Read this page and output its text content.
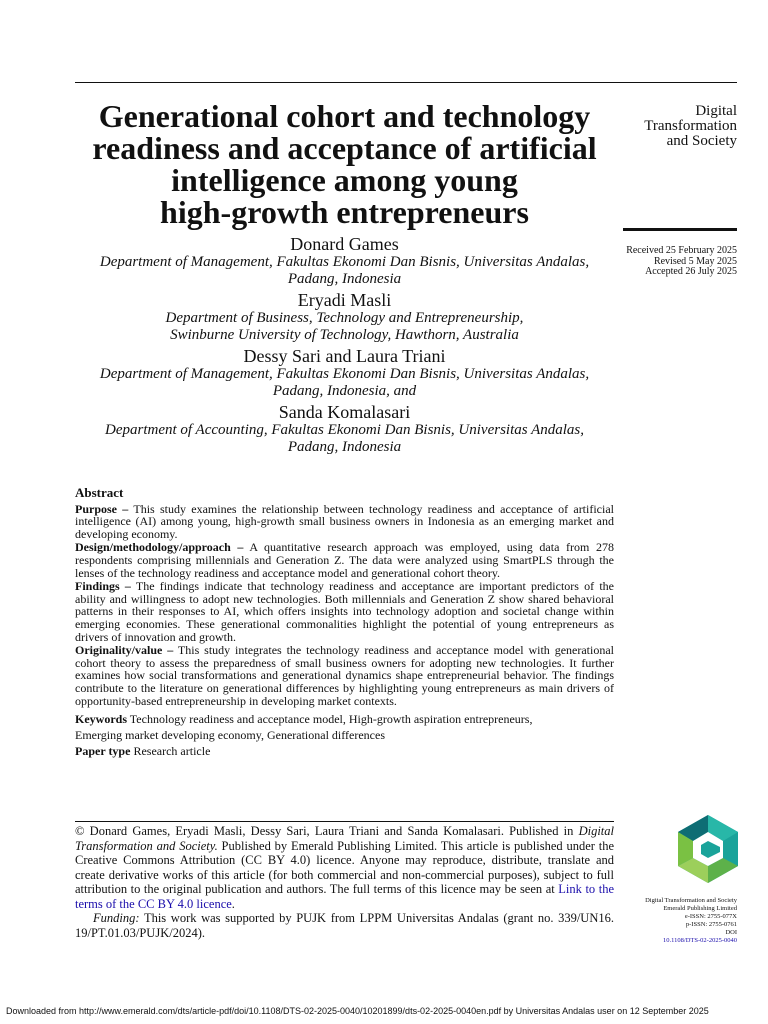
Digital
Transformation
and Society
Received 25 February 2025
Revised 5 May 2025
Accepted 26 July 2025
Generational cohort and technology
readiness and acceptance of artificial
intelligence among young
high-growth entrepreneurs
Donard Games
Department of Management, Fakultas Ekonomi Dan Bisnis, Universitas Andalas,
Padang, Indonesia
Eryadi Masli
Department of Business, Technology and Entrepreneurship,
Swinburne University of Technology, Hawthorn, Australia
Dessy Sari and Laura Triani
Department of Management, Fakultas Ekonomi Dan Bisnis, Universitas Andalas,
Padang, Indonesia, and
Sanda Komalasari
Department of Accounting, Fakultas Ekonomi Dan Bisnis, Universitas Andalas,
Padang, Indonesia
Abstract

Purpose – This study examines the relationship between technology readiness and acceptance of artificial intelligence (AI) among young, high-growth small business owners in Indonesia as an emerging market and developing economy.

Design/methodology/approach – A quantitative research approach was employed, using data from 278 respondents comprising millennials and Generation Z. The data were analyzed using SmartPLS through the lenses of the technology readiness and acceptance model and generational cohort theory.

Findings – The findings indicate that technology readiness and acceptance are important predictors of the ability and willingness to adopt new technologies. Both millennials and Generation Z show shared behavioral patterns in their responses to AI, which offers insights into technology adoption and societal change within emerging economies. These generational commonalities highlight the potential of young entrepreneurs as drivers of innovation and growth.

Originality/value – This study integrates the technology readiness and acceptance model with generational cohort theory to assess the preparedness of small business owners for adopting new technologies. It further examines how social transformations and generational dynamics shape entrepreneurial behavior. The findings contribute to the literature on generational differences by highlighting young entrepreneurs as main drivers of opportunity-based entrepreneurship in developing market contexts.

Keywords Technology readiness and acceptance model, High-growth aspiration entrepreneurs,
Emerging market developing economy, Generational differences
Paper type Research article

© Donard Games, Eryadi Masli, Dessy Sari, Laura Triani and Sanda Komalasari. Published in Digital Transformation and Society. Published by Emerald Publishing Limited. This article is published under the Creative Commons Attribution (CC BY 4.0) licence. Anyone may reproduce, distribute, translate and create derivative works of this article (for both commercial and non-commercial purposes), subject to full attribution to the original publication and authors. The full terms of this licence may be seen at Link to the terms of the CC BY 4.0 licence.

Funding: This work was supported by PUJK from LPPM Universitas Andalas (grant no. 339/UN16. 19/PT.01.03/PUJK/2024).

Digital Transformation and Society
Emerald Publishing Limited
e-ISSN: 2755-077X
p-ISSN: 2755-0761
DOI
10.1108/DTS-02-2025-0040
Downloaded from http://www.emerald.com/dts/article-pdf/doi/10.1108/DTS-02-2025-0040/10201899/dts-02-2025-0040en.pdf by Universitas Andalas user on 12 September 2025
